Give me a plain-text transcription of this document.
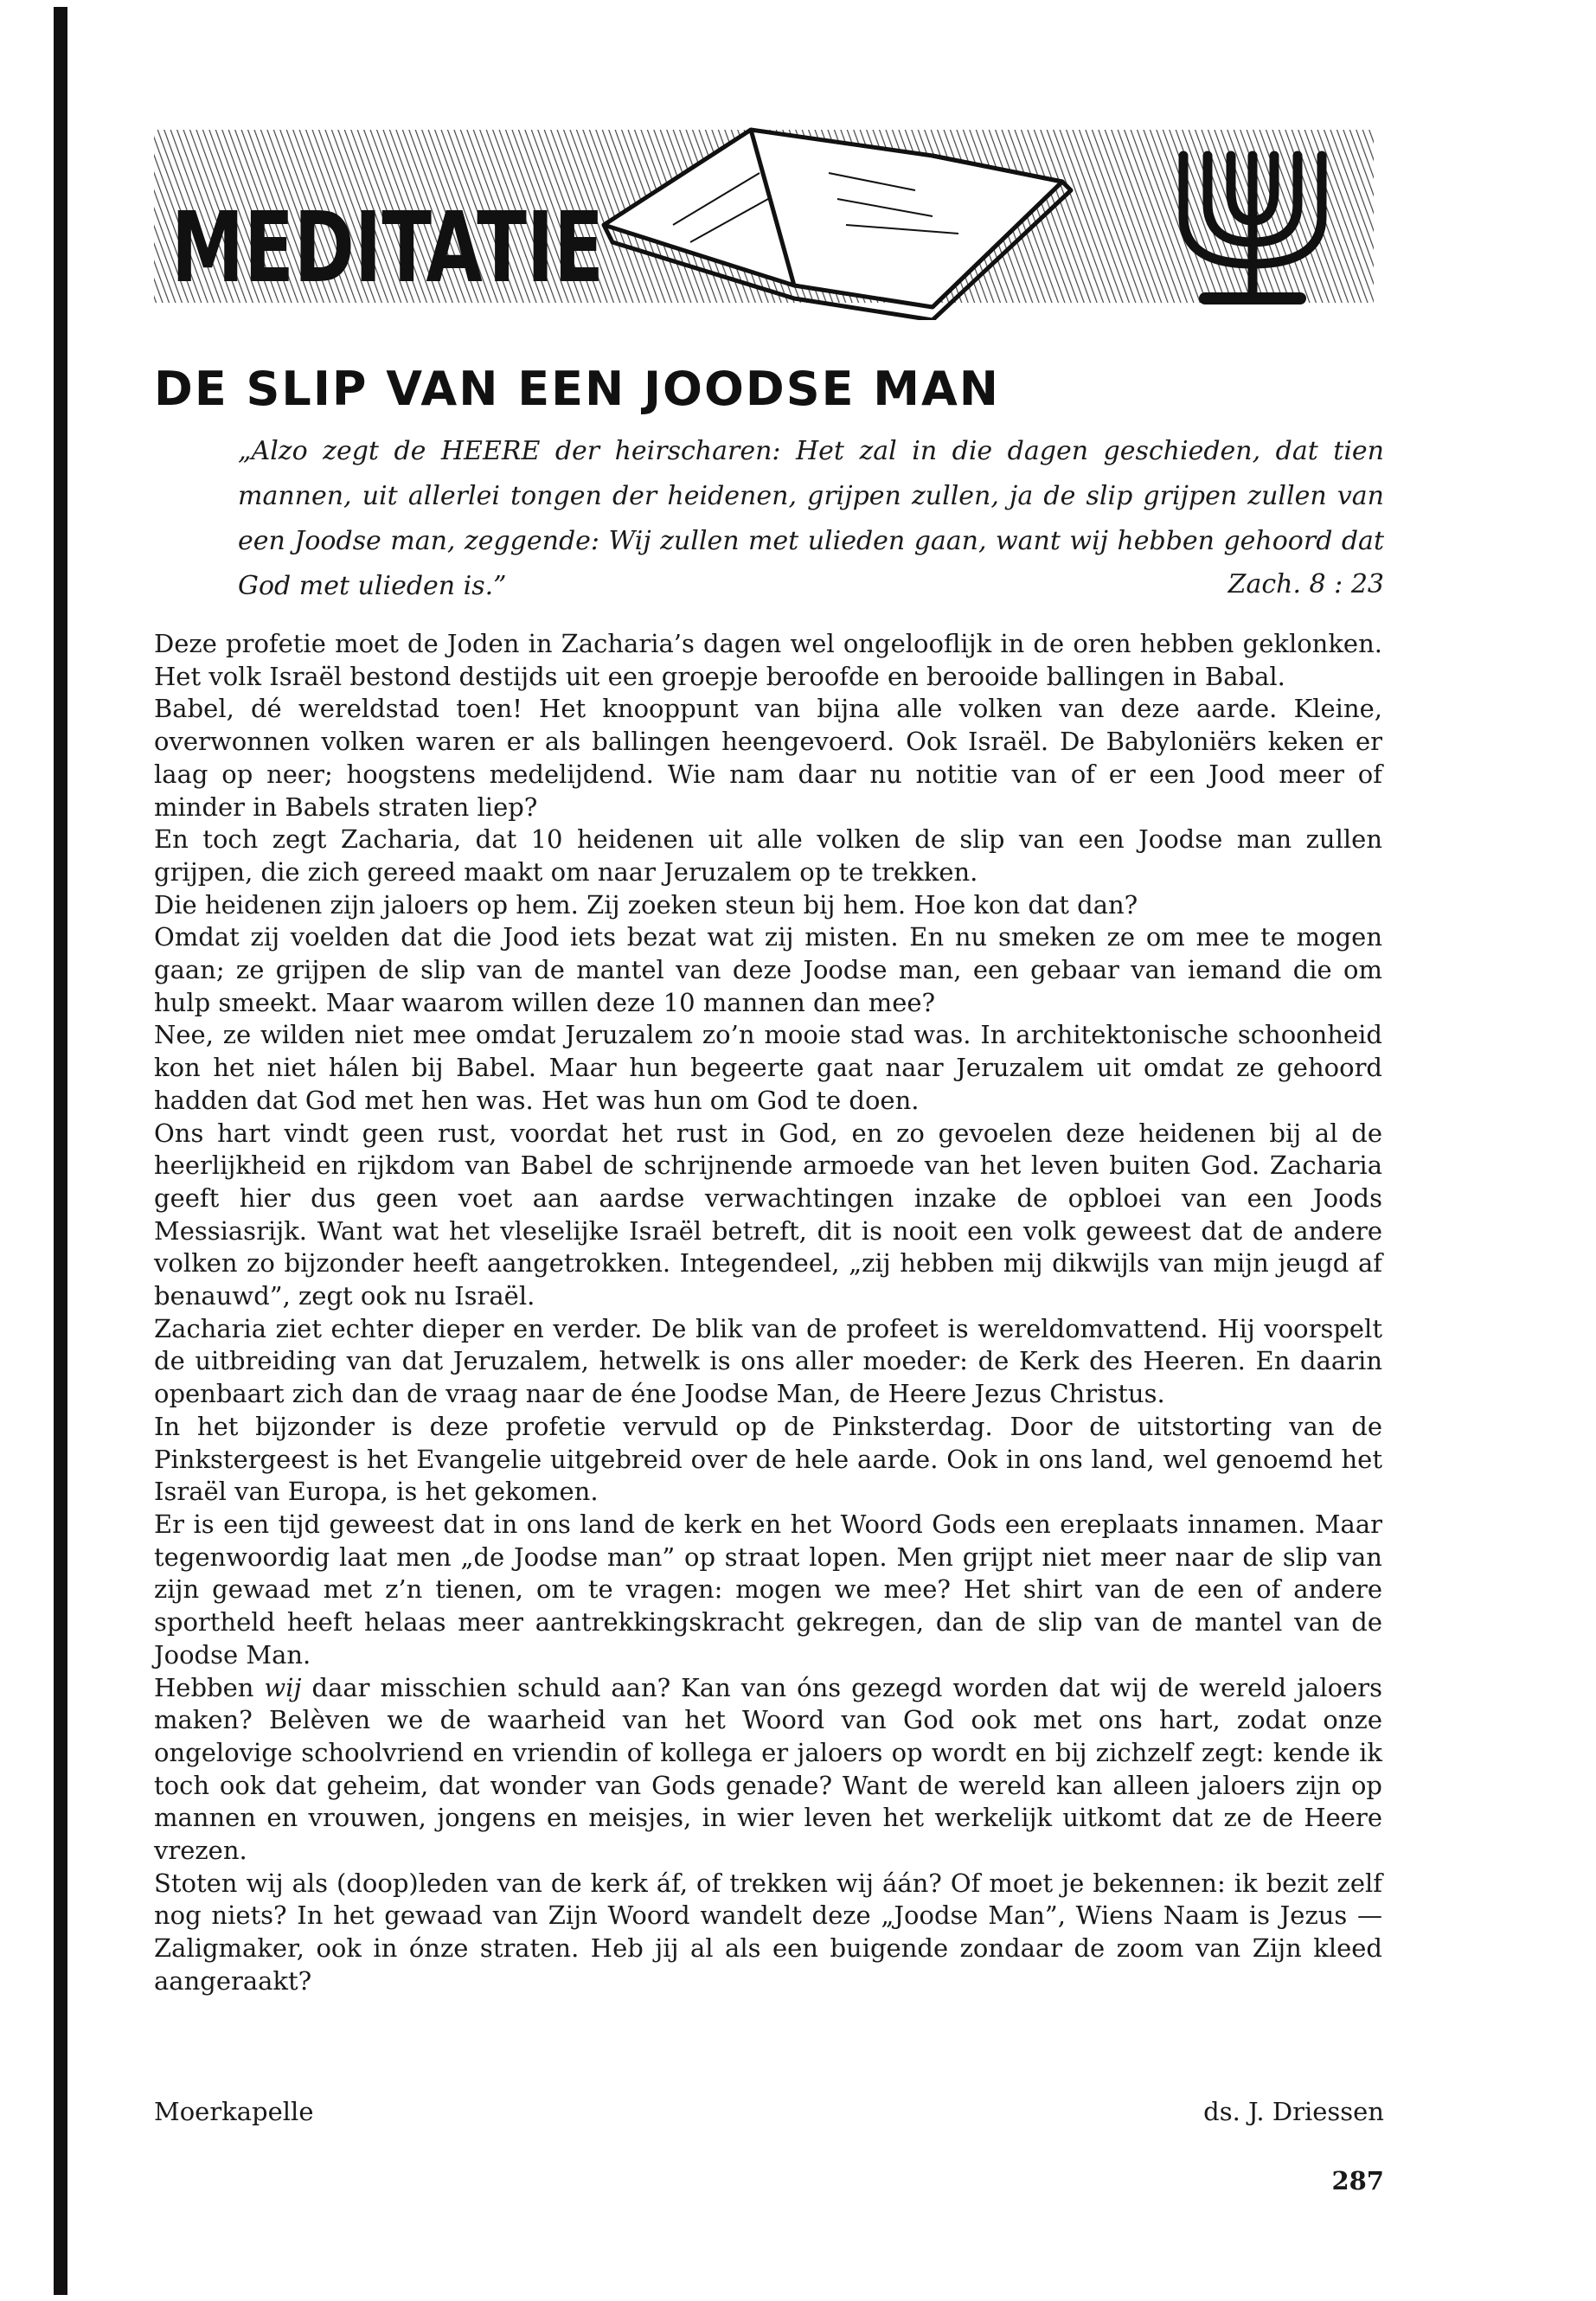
MEDITATIE
DE SLIP VAN EEN JOODSE MAN

„Alzo zegt de HEERE der heirscharen: Het zal in die dagen geschieden, dat tien mannen, uit allerlei tongen der heidenen, grijpen zullen, ja de slip grijpen zullen van een Joodse man, zeggende: Wij zullen met ulieden gaan, want wij hebben gehoord dat God met ulieden is.”	Zach. 8 : 23

Deze profetie moet de Joden in Zacharia’s dagen wel ongelooflijk in de oren hebben geklonken. Het volk Israël bestond destijds uit een groepje beroofde en berooide ballingen in Babal.

Babel, dé wereldstad toen! Het knooppunt van bijna alle volken van deze aarde. Kleine, overwonnen volken waren er als ballingen heengevoerd. Ook Israël. De Babyloniërs keken er laag op neer; hoogstens medelijdend. Wie nam daar nu notitie van of er een Jood meer of minder in Babels straten liep?

En toch zegt Zacharia, dat 10 heidenen uit alle volken de slip van een Joodse man zullen grijpen, die zich gereed maakt om naar Jeruzalem op te trekken.

Die heidenen zijn jaloers op hem. Zij zoeken steun bij hem. Hoe kon dat dan?

Omdat zij voelden dat die Jood iets bezat wat zij misten. En nu smeken ze om mee te mogen gaan; ze grijpen de slip van de mantel van deze Joodse man, een gebaar van iemand die om hulp smeekt. Maar waarom willen deze 10 mannen dan mee?

Nee, ze wilden niet mee omdat Jeruzalem zo’n mooie stad was. In architektonische schoonheid kon het niet hálen bij Babel. Maar hun begeerte gaat naar Jeruzalem uit omdat ze gehoord hadden dat God met hen was. Het was hun om God te doen.

Ons hart vindt geen rust, voordat het rust in God, en zo gevoelen deze heidenen bij al de heerlijkheid en rijkdom van Babel de schrijnende armoede van het leven buiten God. Zacharia geeft hier dus geen voet aan aardse verwachtingen inzake de opbloei van een Joods Messiasrijk. Want wat het vleselijke Israël betreft, dit is nooit een volk geweest dat de andere volken zo bijzonder heeft aangetrokken. Integendeel, „zij hebben mij dikwijls van mijn jeugd af benauwd”, zegt ook nu Israël.

Zacharia ziet echter dieper en verder. De blik van de profeet is wereldomvattend. Hij voorspelt de uitbreiding van dat Jeruzalem, hetwelk is ons aller moeder: de Kerk des Heeren. En daarin openbaart zich dan de vraag naar de éne Joodse Man, de Heere Jezus Christus.

In het bijzonder is deze profetie vervuld op de Pinksterdag. Door de uitstorting van de Pinkstergeest is het Evangelie uitgebreid over de hele aarde. Ook in ons land, wel genoemd het Israël van Europa, is het gekomen.

Er is een tijd geweest dat in ons land de kerk en het Woord Gods een ereplaats innamen. Maar tegenwoordig laat men „de Joodse man” op straat lopen. Men grijpt niet meer naar de slip van zijn gewaad met z’n tienen, om te vragen: mogen we mee? Het shirt van de een of andere sportheld heeft helaas meer aantrekkingskracht gekregen, dan de slip van de mantel van de Joodse Man.

Hebben wij daar misschien schuld aan? Kan van óns gezegd worden dat wij de wereld jaloers maken? Belèven we de waarheid van het Woord van God ook met ons hart, zodat onze ongelovige schoolvriend en vriendin of kollega er jaloers op wordt en bij zichzelf zegt: kende ik toch ook dat geheim, dat wonder van Gods genade? Want de wereld kan alleen jaloers zijn op mannen en vrouwen, jongens en meisjes, in wier leven het werkelijk uitkomt dat ze de Heere vrezen.

Stoten wij als (doop)leden van de kerk áf, of trekken wij áán? Of moet je bekennen: ik bezit zelf nog niets? In het gewaad van Zijn Woord wandelt deze „Joodse Man”, Wiens Naam is Jezus — Zaligmaker, ook in ónze straten. Heb jij al als een buigende zondaar de zoom van Zijn kleed aangeraakt?

Moerkapelle	ds. J. Driessen
287
